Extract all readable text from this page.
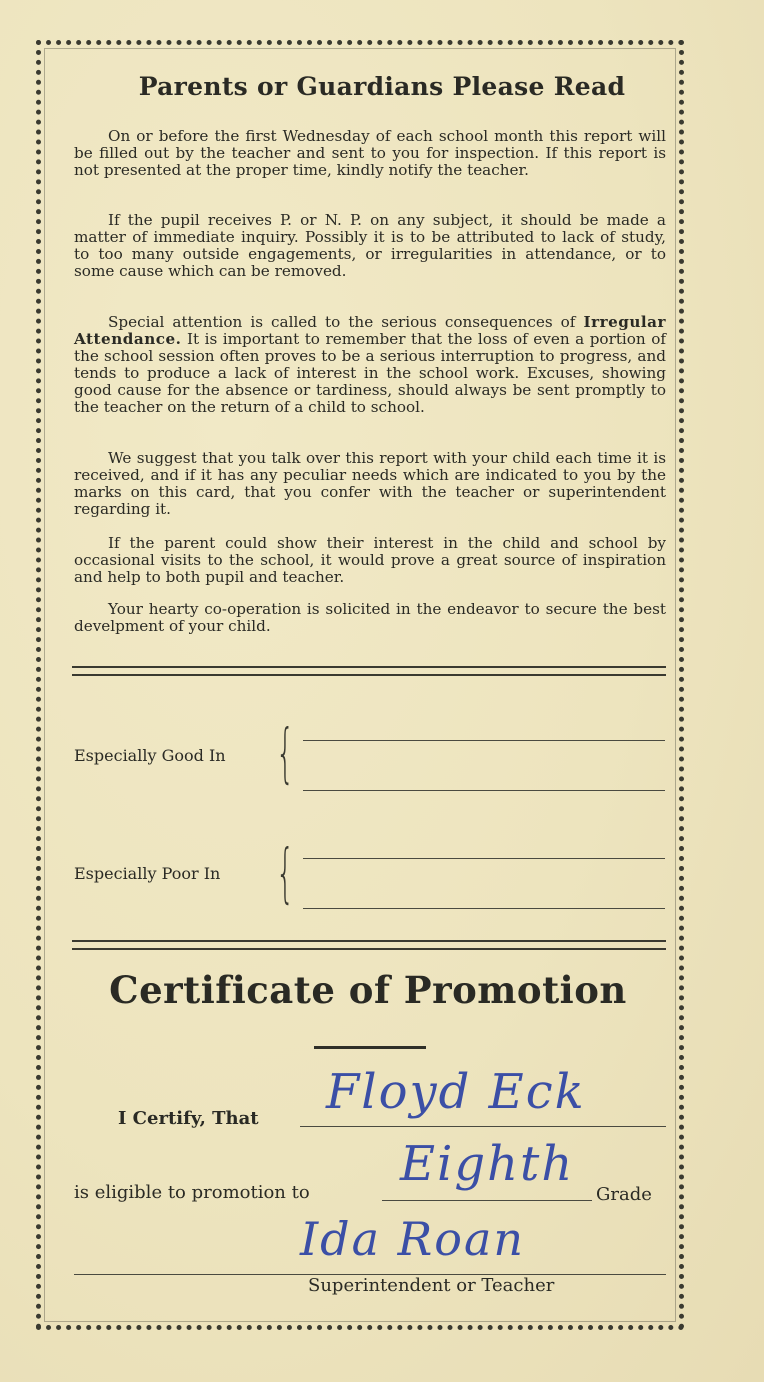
Parents or Guardians Please Read

On or before the first Wednesday of each school month this report will be filled out by the teacher and sent to you for inspection. If this report is not presented at the proper time, kindly notify the teacher.

If the pupil receives P. or N. P. on any subject, it should be made a matter of immediate inquiry. Possibly it is to be attributed to lack of study, to too many outside engagements, or irregularities in attendance, or to some cause which can be removed.

Special attention is called to the serious consequences of Irregular Attendance. It is important to remember that the loss of even a portion of the school session often proves to be a serious interruption to progress, and tends to produce a lack of interest in the school work. Excuses, showing good cause for the absence or tardiness, should always be sent promptly to the teacher on the return of a child to school.

We suggest that you talk over this report with your child each time it is received, and if it has any peculiar needs which are indicated to you by the marks on this card, that you confer with the teacher or superintendent regarding it.

If the parent could show their interest in the child and school by occasional visits to the school, it would prove a great source of inspiration and help to both pupil and teacher.

Your hearty co-operation is solicited in the endeavor to secure the best develpment of your child.

Especially Good In {

Especially Poor In {
Certificate of Promotion

I Certify, That Floyd Eck

is eligible to promotion to

Eighth

Grade

Ida Roan

Superintendent or Teacher
